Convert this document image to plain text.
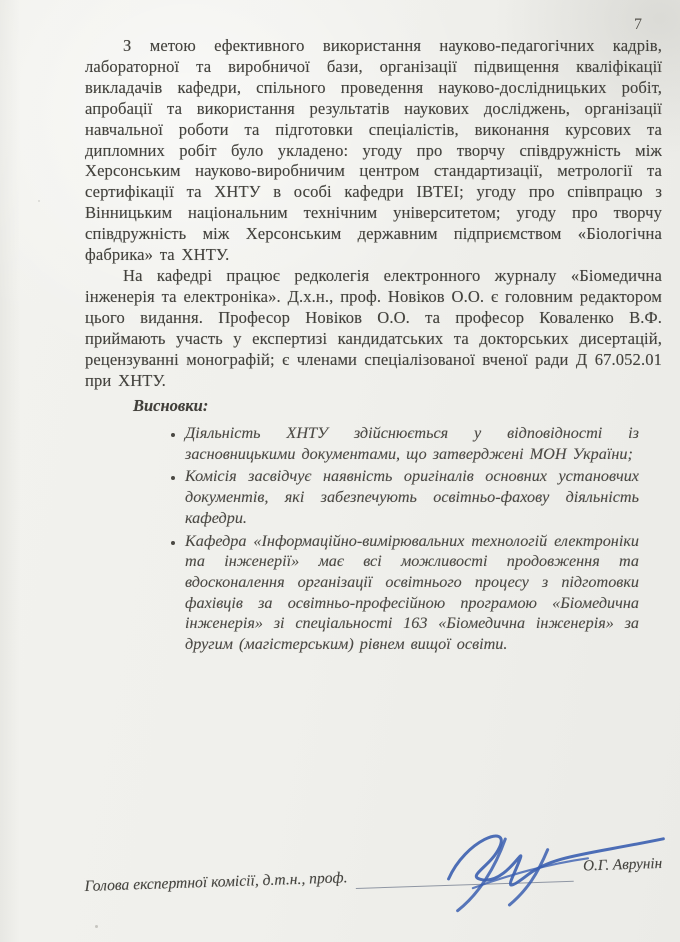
7

З метою ефективного використання науково-педагогічних кадрів, лабораторної та виробничої бази, організації підвищення кваліфікації викладачів кафедри, спільного проведення науково-дослідницьких робіт, апробації та використання результатів наукових досліджень, організації навчальної роботи та підготовки спеціалістів, виконання курсових та дипломних робіт було укладено: угоду про творчу співдружність між Херсонським науково-виробничим центром стандартизації, метрології та сертифікації та ХНТУ в особі кафедри ІВТЕІ; угоду про співпрацю з Вінницьким національним технічним університетом; угоду про творчу співдружність між Херсонським державним підприємством «Біологічна фабрика» та ХНТУ.

На кафедрі працює редколегія електронного журналу «Біомедична інженерія та електроніка». Д.х.н., проф. Новіков О.О. є головним редактором цього видання. Професор Новіков О.О. та професор Коваленко В.Ф. приймають участь у експертизі кандидатських та докторських дисертацій, рецензуванні монографій; є членами спеціалізованої вченої ради Д 67.052.01 при ХНТУ.

Висновки:

• Діяльність ХНТУ здійснюється у відповідності із засновницькими документами, що затверджені МОН України;
• Комісія засвідчує наявність оригіналів основних установчих документів, які забезпечують освітньо-фахову діяльність кафедри.
• Кафедра «Інформаційно-вимірювальних технологій електроніки та інженерії» має всі можливості продовження та вдосконалення організації освітнього процесу з підготовки фахівців за освітньо-професійною програмою «Біомедична інженерія» зі спеціальності 163 «Біомедична інженерія» за другим (магістерським) рівнем вищої освіти.
Голова експертної комісії, д.т.н., проф.
О.Г. Аврунін
